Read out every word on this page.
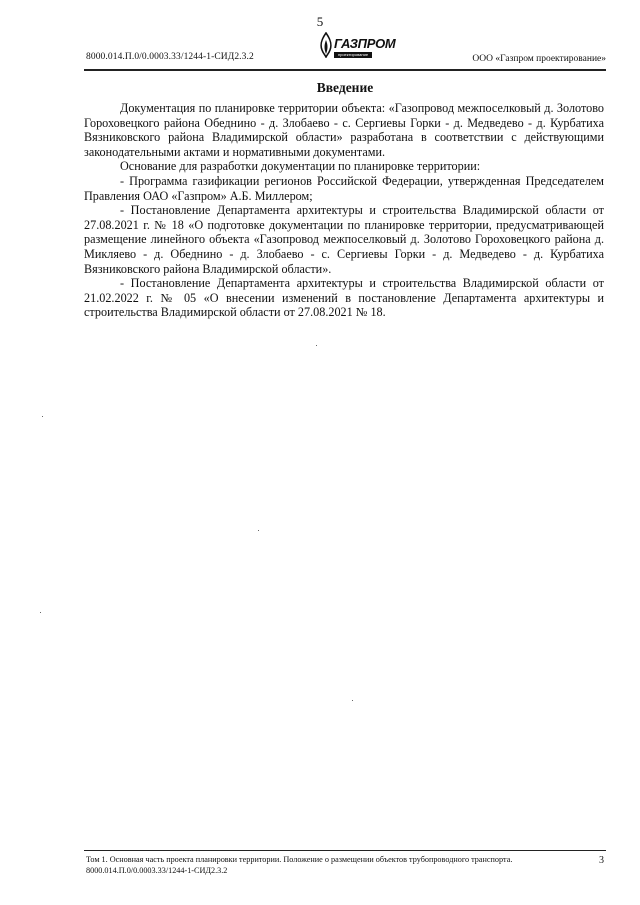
5
8000.014.П.0/0.0003.33/1244-1-СИД2.3.2
ГАЗПРОМ
проектирование	ООО «Газпром проектирование»
Введение

Документация по планировке территории объекта: «Газопровод межпоселковый д. Золотово Гороховецкого района Обеднино - д. Злобаево - с. Сергиевы Горки - д. Медведево - д. Курбатиха Вязниковского района Владимирской области» разработана в соответствии с действующими законодательными актами и нормативными документами.

Основание для разработки документации по планировке территории:

- Программа газификации регионов Российской Федерации, утвержденная Председателем Правления ОАО «Газпром» А.Б. Миллером;

- Постановление Департамента архитектуры и строительства Владимирской области от 27.08.2021 г. № 18 «О подготовке документации по планировке территории, предусматривающей размещение линейного объекта «Газопровод межпоселковый д. Золотово Гороховецкого района д. Микляево - д. Обеднино - д. Злобаево - с. Сергиевы Горки - д. Медведево - д. Курбатиха Вязниковского района Владимирской области».

- Постановление Департамента архитектуры и строительства Владимирской области от 21.02.2022 г. № 05 «О внесении изменений в постановление Департамента архитектуры и строительства Владимирской области от 27.08.2021 № 18.

Том 1. Основная часть проекта планировки территории. Положение о размещении объектов трубопроводного транспорта.
8000.014.П.0/0.0003.33/1244-1-СИД2.3.2
3
